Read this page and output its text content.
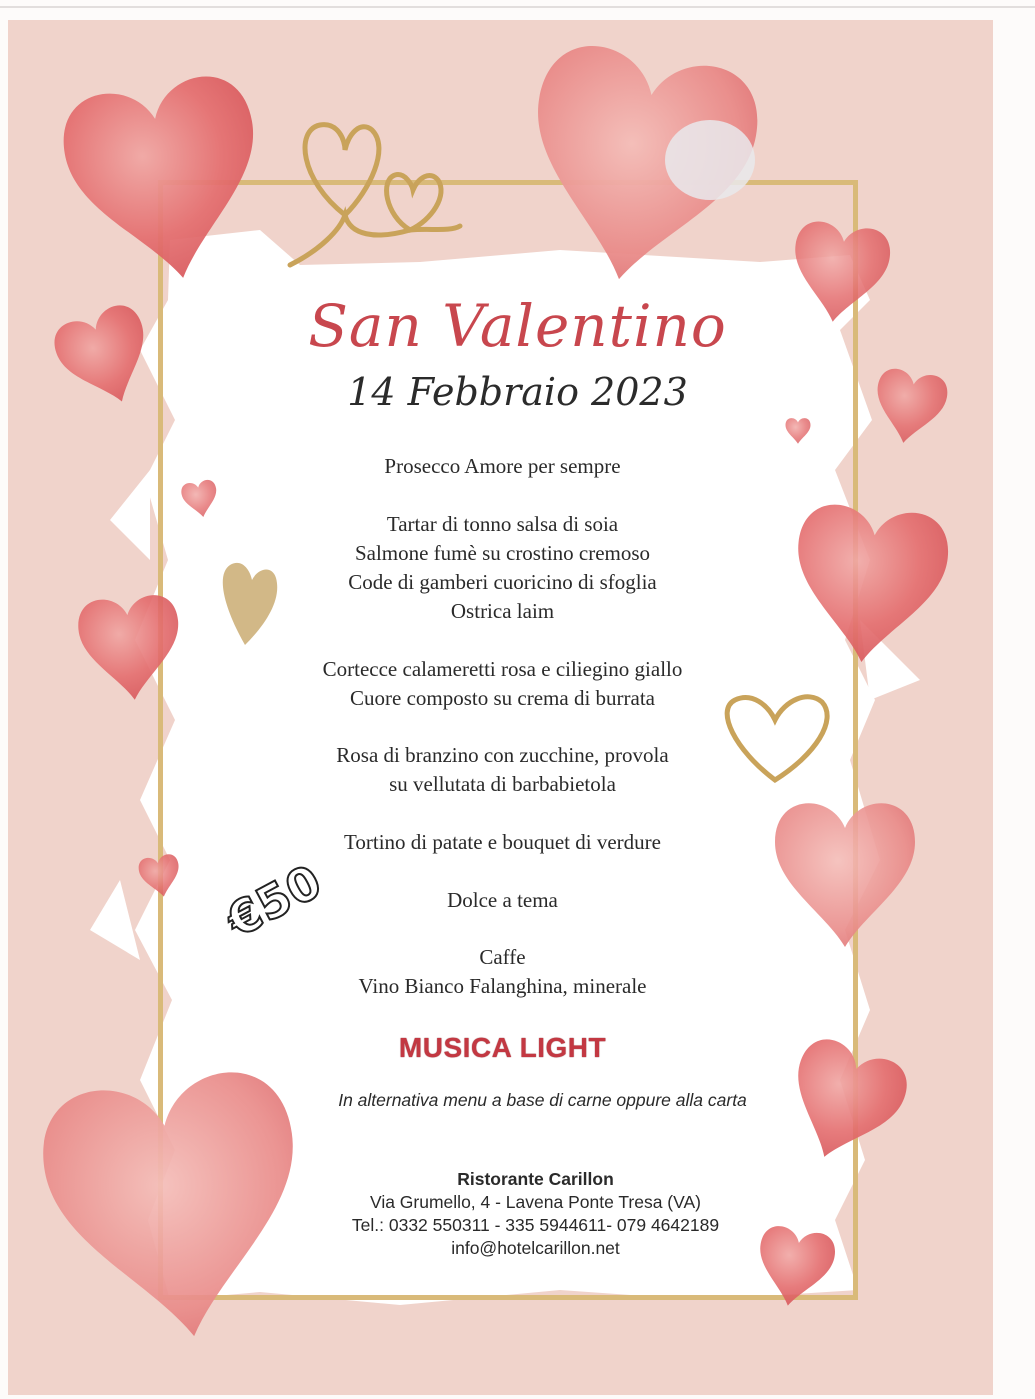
San Valentino
14 Febbraio 2023
Prosecco Amore per sempre
Tartar di tonno salsa di soia
Salmone fumè su crostino cremoso
Code di gamberi cuoricino di sfoglia
Ostrica laim
Cortecce calameretti rosa e ciliegino giallo
Cuore composto su crema di burrata
Rosa di branzino con zucchine, provola
su vellutata di barbabietola
Tortino di patate e bouquet di verdure
Dolce a tema
Caffe
Vino Bianco Falanghina, minerale
€50
MUSICA LIGHT
In alternativa menu a base di carne oppure alla carta
Ristorante Carillon
Via Grumello, 4 - Lavena Ponte Tresa (VA)
Tel.: 0332 550311 - 335 5944611- 079 4642189
info@hotelcarillon.net
